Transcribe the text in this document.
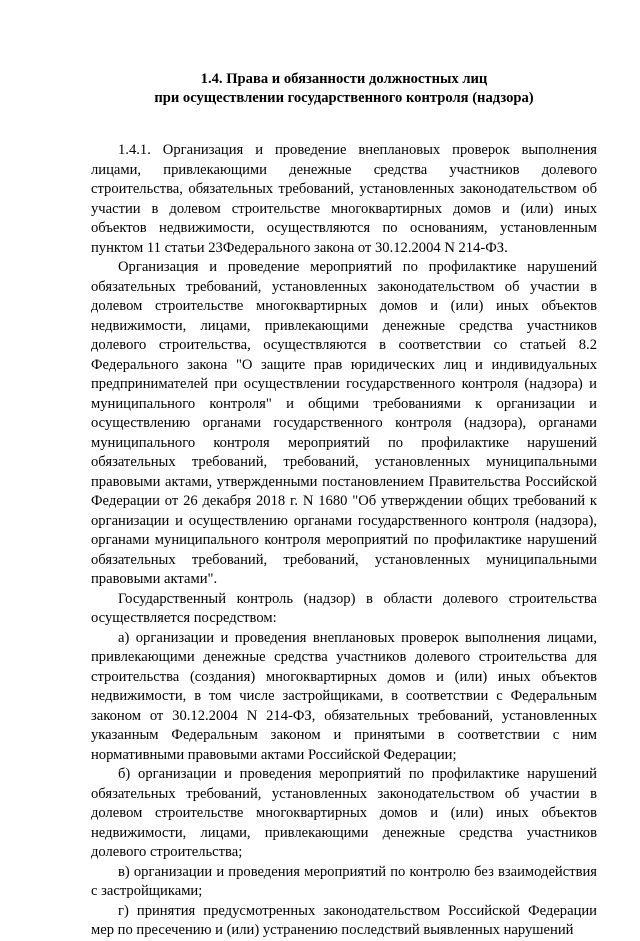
1.4. Права и обязанности должностных лиц
при осуществлении государственного контроля (надзора)

1.4.1. Организация и проведение внеплановых проверок выполнения лицами, привлекающими денежные средства участников долевого строительства, обязательных требований, установленных законодательством об участии в долевом строительстве многоквартирных домов и (или) иных объектов недвижимости, осуществляются по основаниям, установленным пунктом 11 статьи 23Федерального закона от 30.12.2004 N 214-ФЗ.

Организация и проведение мероприятий по профилактике нарушений обязательных требований, установленных законодательством об участии в долевом строительстве многоквартирных домов и (или) иных объектов недвижимости, лицами, привлекающими денежные средства участников долевого строительства, осуществляются в соответствии со статьей 8.2 Федерального закона "О защите прав юридических лиц и индивидуальных предпринимателей при осуществлении государственного контроля (надзора) и муниципального контроля" и общими требованиями к организации и осуществлению органами государственного контроля (надзора), органами муниципального контроля мероприятий по профилактике нарушений обязательных требований, требований, установленных муниципальными правовыми актами, утвержденными постановлением Правительства Российской Федерации от 26 декабря 2018 г. N 1680 "Об утверждении общих требований к организации и осуществлению органами государственного контроля (надзора), органами муниципального контроля мероприятий по профилактике нарушений обязательных требований, требований, установленных муниципальными правовыми актами".

Государственный контроль (надзор) в области долевого строительства осуществляется посредством:

а) организации и проведения внеплановых проверок выполнения лицами, привлекающими денежные средства участников долевого строительства для строительства (создания) многоквартирных домов и (или) иных объектов недвижимости, в том числе застройщиками, в соответствии с Федеральным законом от 30.12.2004 N 214-ФЗ, обязательных требований, установленных указанным Федеральным законом и принятыми в соответствии с ним нормативными правовыми актами Российской Федерации;

б) организации и проведения мероприятий по профилактике нарушений обязательных требований, установленных законодательством об участии в долевом строительстве многоквартирных домов и (или) иных объектов недвижимости, лицами, привлекающими денежные средства участников долевого строительства;

в) организации и проведения мероприятий по контролю без взаимодействия с застройщиками;

г) принятия предусмотренных законодательством Российской Федерации мер по пресечению и (или) устранению последствий выявленных нарушений
